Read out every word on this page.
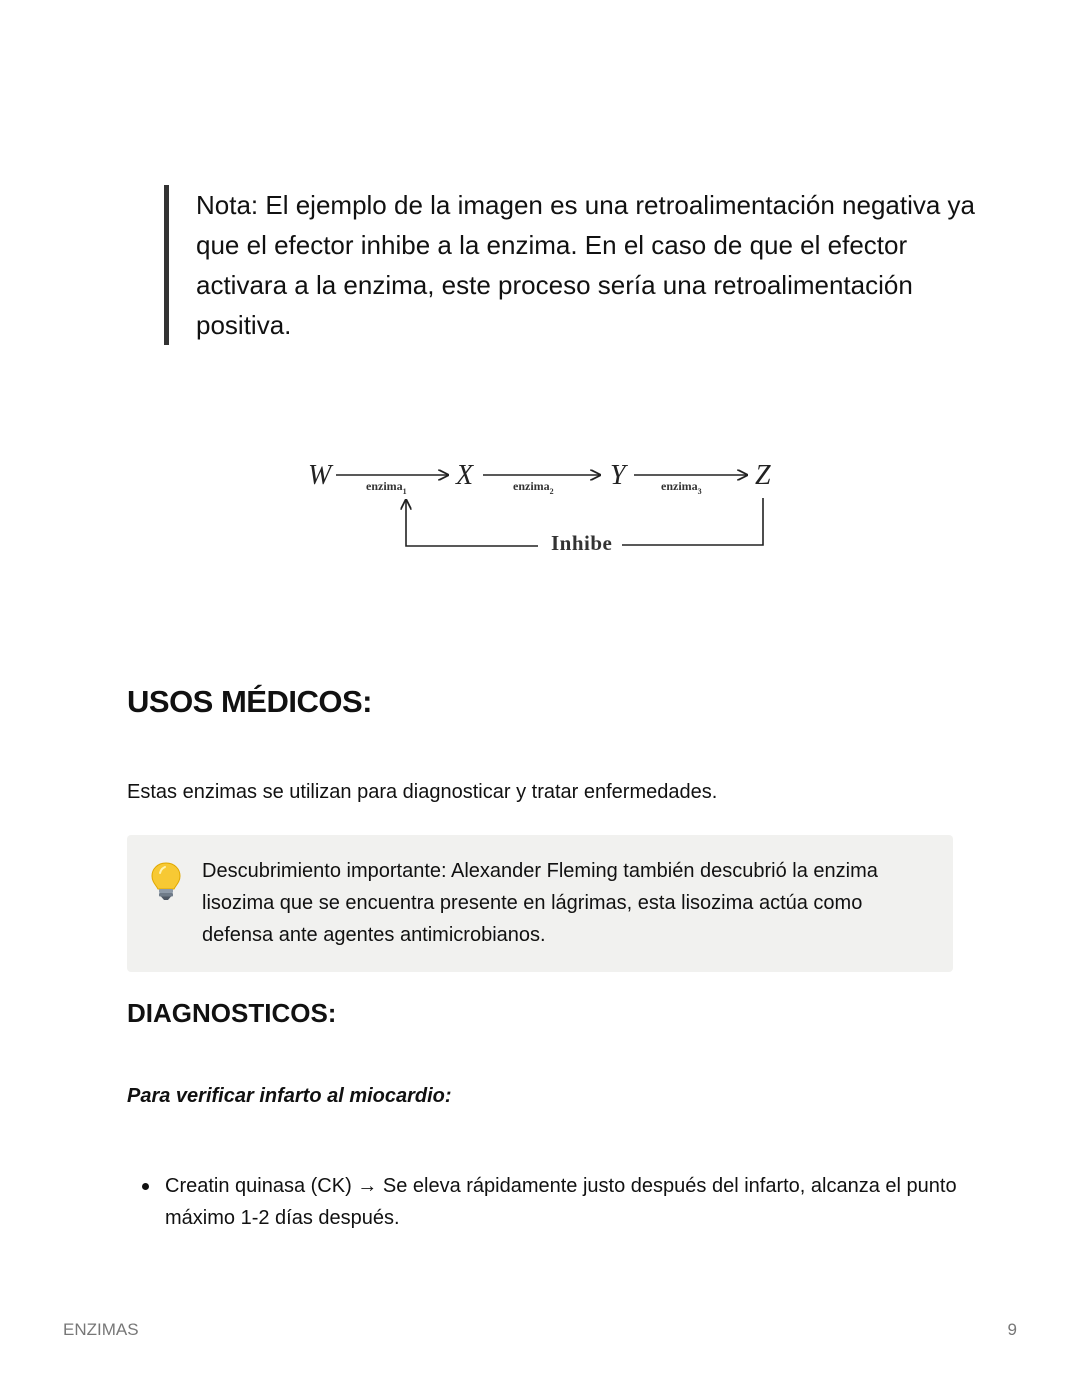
Nota: El ejemplo de la imagen es una retroalimentación negativa ya que el efector inhibe a la enzima. En el caso de que el efector activara a la enzima, este proceso sería una retroalimentación positiva.

W	X	Y	Z
enzima$_1$	enzima$_2$	enzima$_3$
Inhibe
USOS MÉDICOS:

Estas enzimas se utilizan para diagnosticar y tratar enfermedades.

Descubrimiento importante: Alexander Fleming también descubrió la enzima lisozima que se encuentra presente en lágrimas, esta lisozima actúa como defensa ante agentes antimicrobianos.

DIAGNOSTICOS:

Para verificar infarto al miocardio:

Creatin quinasa (CK) → Se eleva rápidamente justo después del infarto, alcanza el punto máximo 1-2 días después.
ENZIMAS	9
